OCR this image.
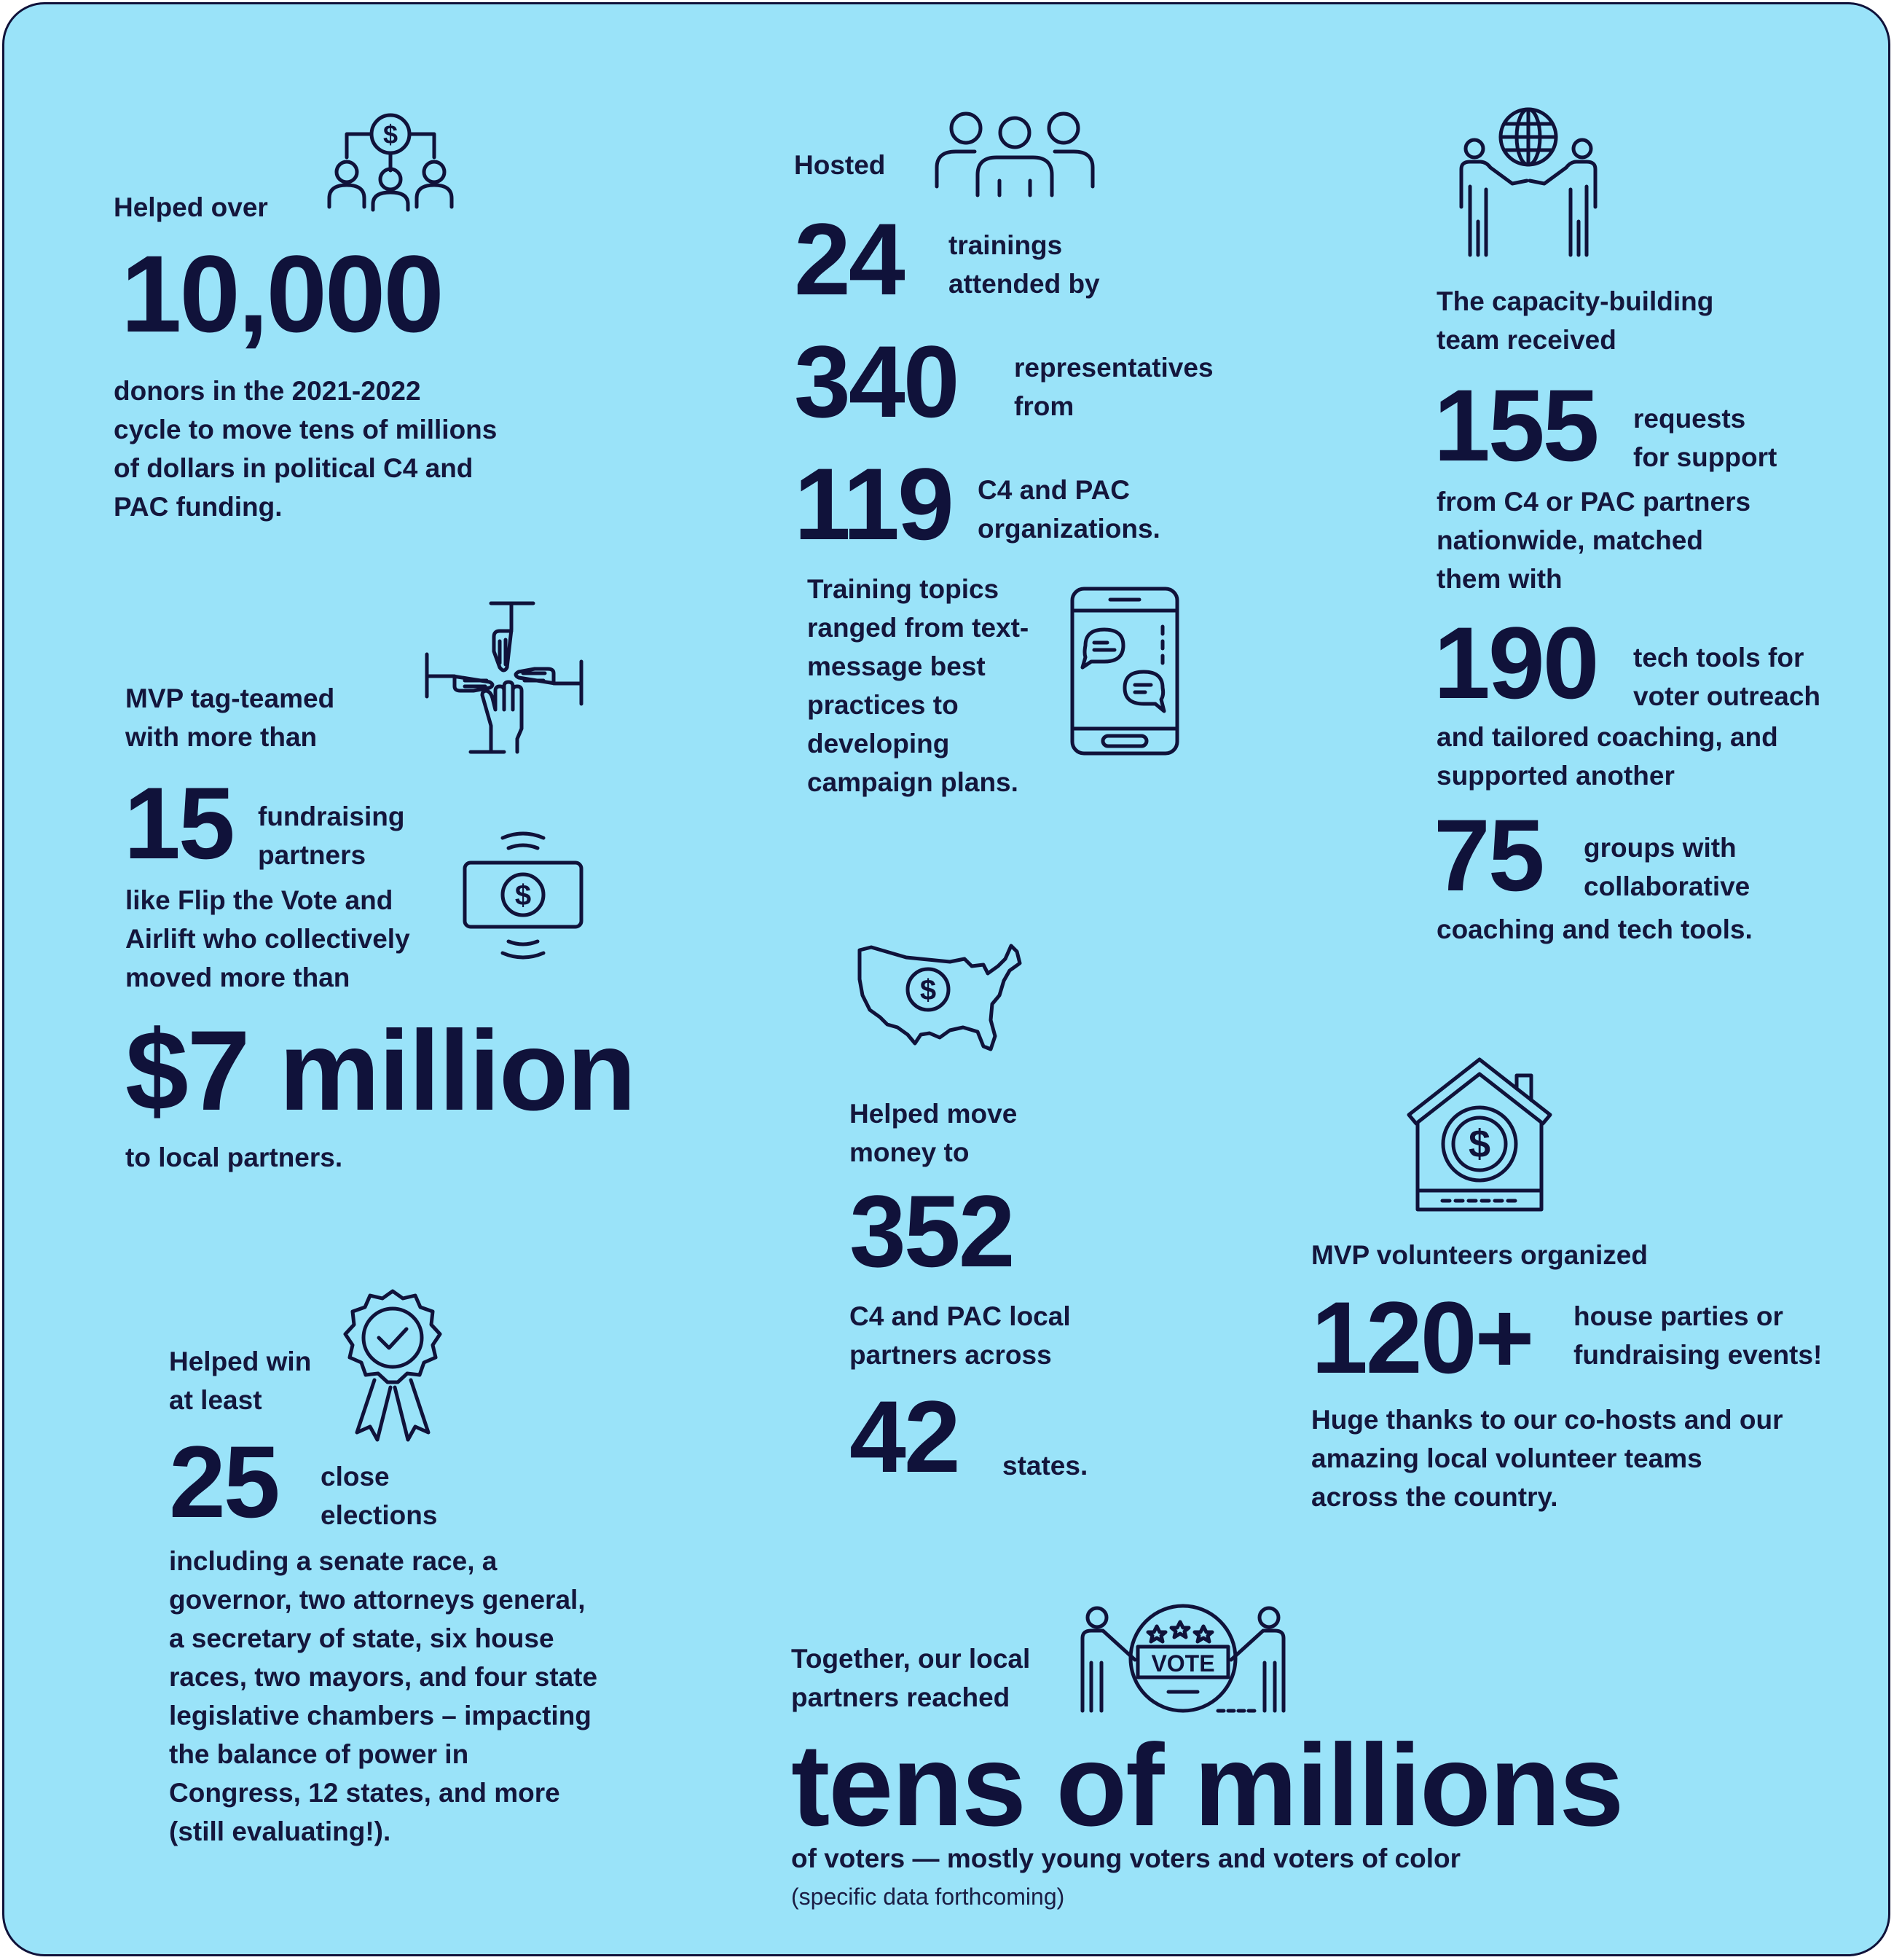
Helped over
10,000
donors in the 2021-2022
cycle to move tens of millions
of dollars in political C4 and
PAC funding.
$
Hosted
24 trainings
attended by
340 representatives
from
119 C4 and PAC
organizations.
Training topics
ranged from text-
message best
practices to
developing
campaign plans.
The capacity-building
team received
155 requests
for support
from C4 or PAC partners
nationwide, matched
them with
190 tech tools for
voter outreach
and tailored coaching, and
supported another
75 groups with
collaborative
coaching and tech tools.
MVP tag-teamed
with more than
15 fundraising
partners
like Flip the Vote and
Airlift who collectively
moved more than
$
$7 million
to local partners.
$
Helped move
money to
352
C4 and PAC local
partners across
42 states.
$
MVP volunteers organized
120+ house parties or
fundraising events!
Huge thanks to our co-hosts and our
amazing local volunteer teams
across the country.
Helped win
at least
25 close
elections
including a senate race, a
governor, two attorneys general,
a secretary of state, six house
races, two mayors, and four state
legislative chambers – impacting
the balance of power in
Congress, 12 states, and more
(still evaluating!).
Together, our local
partners reached
VOTE
tens of millions
of voters — mostly young voters and voters of color
(specific data forthcoming)
